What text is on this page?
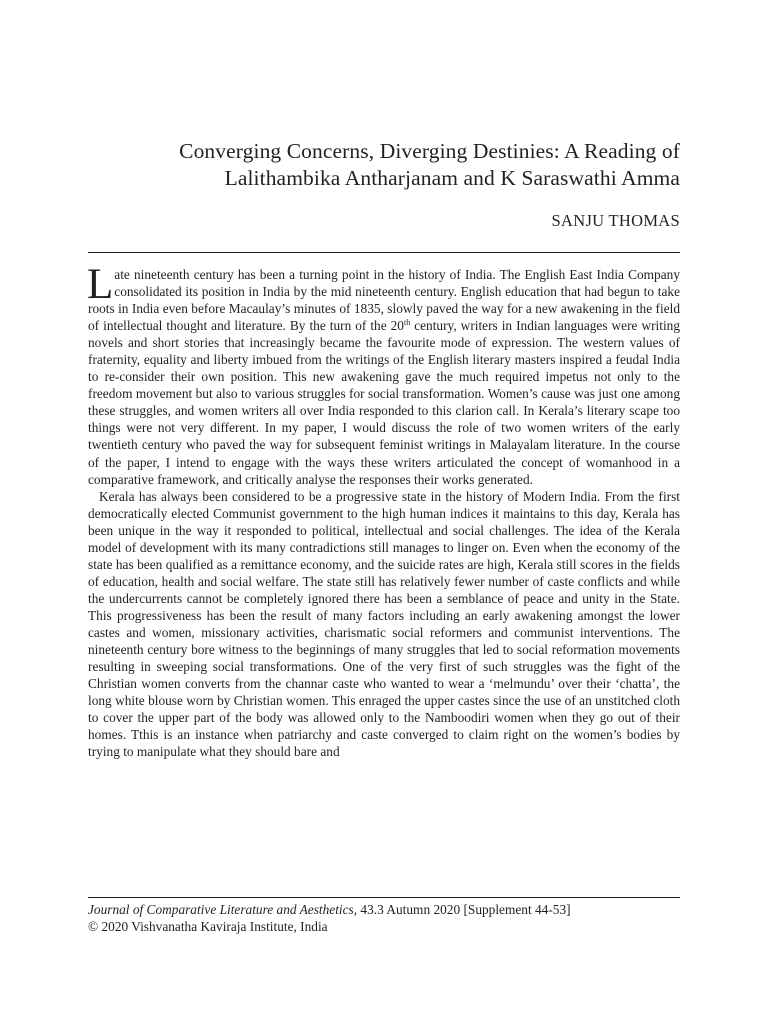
Converging Concerns, Diverging Destinies: A Reading of
Lalithambika Antharjanam and K Saraswathi Amma
SANJU THOMAS

Late nineteenth century has been a turning point in the history of India. The English East India Company consolidated its position in India by the mid nineteenth century. English education that had begun to take roots in India even before Macaulay’s minutes of 1835, slowly paved the way for a new awakening in the field of intellectual thought and literature. By the turn of the 20th century, writers in Indian languages were writing novels and short stories that increasingly became the favourite mode of expression. The western values of fraternity, equality and liberty imbued from the writings of the English literary masters inspired a feudal India to re-consider their own position. This new awakening gave the much required impetus not only to the freedom movement but also to various struggles for social transformation. Women’s cause was just one among these struggles, and women writers all over India responded to this clarion call. In Kerala’s literary scape too things were not very different. In my paper, I would discuss the role of two women writers of the early twentieth century who paved the way for subsequent feminist writings in Malayalam literature. In the course of the paper, I intend to engage with the ways these writers articulated the concept of womanhood in a comparative framework, and critically analyse the responses their works generated.

Kerala has always been considered to be a progressive state in the history of Modern India. From the first democratically elected Communist government to the high human indices it maintains to this day, Kerala has been unique in the way it responded to political, intellectual and social challenges. The idea of the Kerala model of development with its many contradictions still manages to linger on. Even when the economy of the state has been qualified as a remittance economy, and the suicide rates are high, Kerala still scores in the fields of education, health and social welfare. The state still has relatively fewer number of caste conflicts and while the undercurrents cannot be completely ignored there has been a semblance of peace and unity in the State. This progressiveness has been the result of many factors including an early awakening amongst the lower castes and women, missionary activities, charismatic social reformers and communist interventions. The nineteenth century bore witness to the beginnings of many struggles that led to social reformation movements resulting in sweeping social transformations. One of the very first of such struggles was the fight of the Christian women converts from the channar caste who wanted to wear a ‘melmundu’ over their ‘chatta’, the long white blouse worn by Christian women. This enraged the upper castes since the use of an unstitched cloth to cover the upper part of the body was allowed only to the Namboodiri women when they go out of their homes. Tthis is an instance when patriarchy and caste converged to claim right on the women’s bodies by trying to manipulate what they should bare and

Journal of Comparative Literature and Aesthetics, 43.3 Autumn 2020 [Supplement 44-53]
© 2020 Vishvanatha Kaviraja Institute, India
